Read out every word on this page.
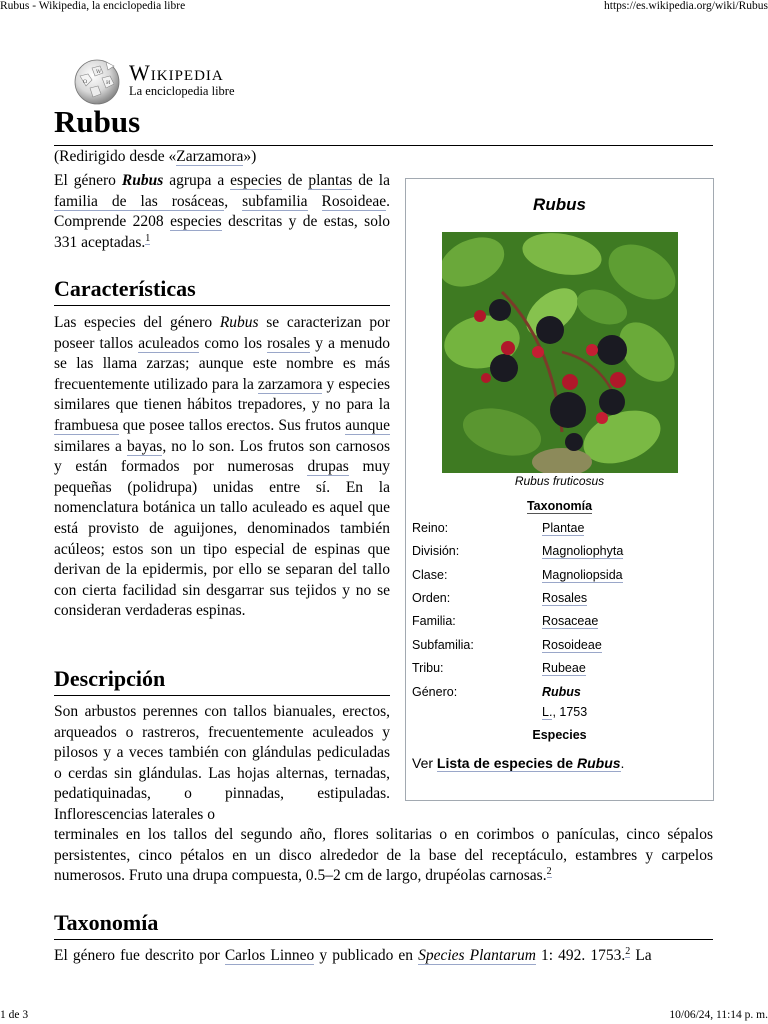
Rubus - Wikipedia, la enciclopedia libre	https://es.wikipedia.org/wiki/Rubus
Ω
W
И Wikipedia
La enciclopedia libre
Rubus
(Redirigido desde «Zarzamora»)

El género Rubus agrupa a especies de plantas de la familia de las rosáceas, subfamilia Rosoideae. Comprende 2208 especies descritas y de estas, solo 331 aceptadas.$^1$

Características

Las especies del género Rubus se caracterizan por poseer tallos aculeados como los rosales y a menudo se las llama zarzas; aunque este nombre es más frecuentemente utilizado para la zarzamora y especies similares que tienen hábitos trepadores, y no para la frambuesa que posee tallos erectos. Sus frutos aunque similares a bayas, no lo son. Los frutos son carnosos y están formados por numerosas drupas muy pequeñas (polidrupa) unidas entre sí. En la nomenclatura botánica un tallo aculeado es aquel que está provisto de aguijones, denominados también acúleos; estos son un tipo especial de espinas que derivan de la epidermis, por ello se separan del tallo con cierta facilidad sin desgarrar sus tejidos y no se consideran verdaderas espinas.

Descripción

Son arbustos perennes con tallos bianuales, erectos, arqueados o rastreros, frecuentemente aculeados y pilosos y a veces también con glándulas pediculadas o cerdas sin glándulas. Las hojas alternas, ternadas, pedatiquinadas, o pinnadas, estipuladas. Inflorescencias laterales o

terminales en los tallos del segundo año, flores solitarias o en corimbos o panículas, cinco sépalos persistentes, cinco pétalos en un disco alrededor de la base del receptáculo, estambres y carpelos numerosos. Fruto una drupa compuesta, 0.5–2 cm de largo, drupéolas carnosas.$^2$

Taxonomía

El género fue descrito por Carlos Linneo y publicado en Species Plantarum 1: 492. 1753.$^2$ La

Rubus
Rubus fruticosus
Taxonomía
Reino:	Plantae
División:	Magnoliophyta
Clase:	Magnoliopsida
Orden:	Rosales
Familia:	Rosaceae
Subfamilia:	Rosoideae
Tribu:	Rubeae
Género:	Rubus
L., 1753
Especies
Ver Lista de especies de Rubus.
1 de 3	10/06/24, 11:14 p. m.
